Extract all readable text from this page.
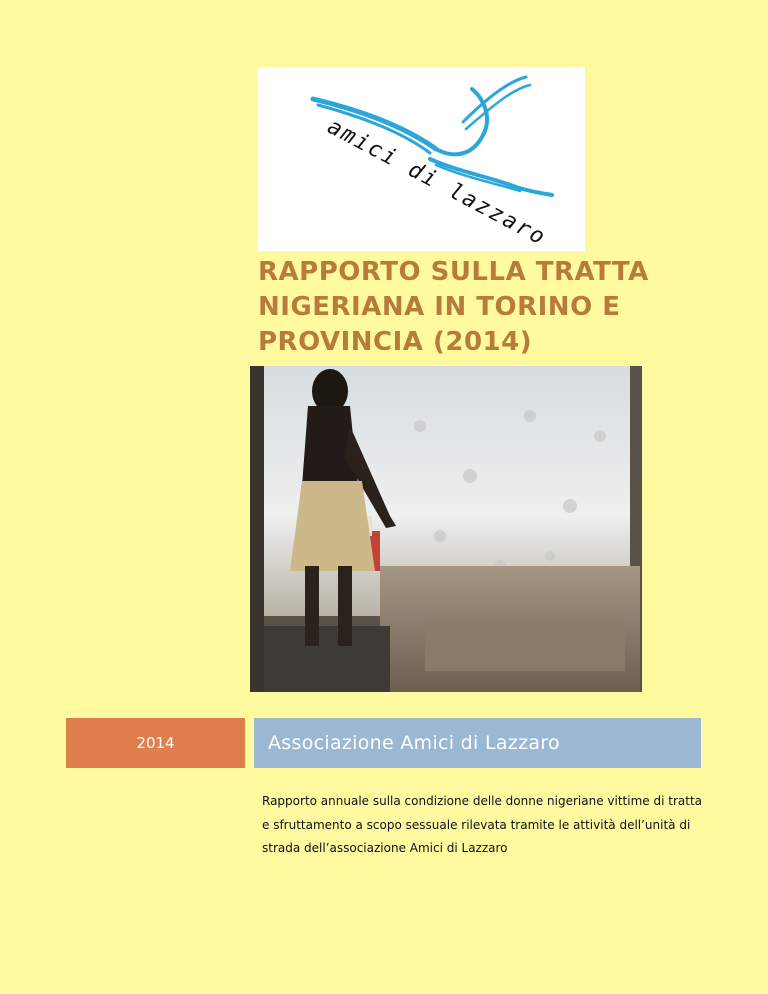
amici di lazzaro
RAPPORTO SULLA TRATTA NIGERIANA IN TORINO E PROVINCIA (2014)
2014	Associazione Amici di Lazzaro

Rapporto annuale sulla condizione delle donne nigeriane vittime di tratta e sfruttamento a scopo sessuale rilevata tramite le attività dell’unità di strada dell’associazione Amici di Lazzaro
